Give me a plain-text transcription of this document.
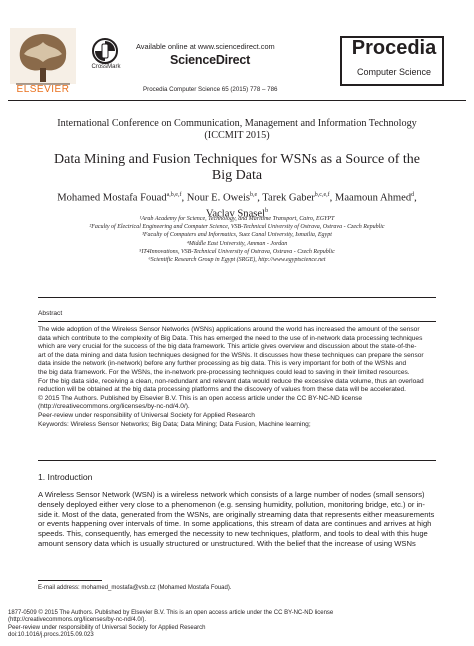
ELSEVIER
CrossMark
Available online at www.sciencedirect.com
ScienceDirect
Procedia Computer Science 65 (2015) 778 – 786
Procedia
Computer Science
International Conference on Communication, Management and Information Technology
(ICCMIT 2015)
Data Mining and Fusion Techniques for WSNs as a Source of the
Big Data
Mohamed Mostafa Fouad$^{a,b,e,f}$, Nour E. Oweis$^{b,e}$, Tarek Gaber$^{b,c,e,f}$, Maamoun Ahmed$^d$,
Vaclav Snasel$^b$
¹Arab Academy for Science, Technology, and Maritime Transport, Cairo, EGYPT
²Faculty of Electrical Engineering and Computer Science, VSB-Technical University of Ostrava, Ostrava - Czech Republic
³Faculty of Computers and Informatics, Suez Canal University, Ismailia, Egypt
⁴Middle East University, Amman - Jordan
⁵IT4Innovations, VSB-Technical University of Ostrava, Ostrava - Czech Republic
⁶Scientific Research Group in Egypt (SRGE), http://www.egyptscience.net
Abstract
The wide adoption of the Wireless Sensor Networks (WSNs) applications around the world has increased the amount of the sensor
data which contribute to the complexity of Big Data. This has emerged the need to the use of in-network data processing techniques
which are very crucial for the success of the big data framework. This article gives overview and discussion about the state-of-the-
art of the data mining and data fusion techniques designed for the WSNs. It discusses how these techniques can prepare the sensor
data inside the network (in-network) before any further processing as big data. This is very important for both of the WSNs and
the big data framework. For the WSNs, the in-network pre-processing techniques could lead to saving in their limited resources.
For the big data side, receiving a clean, non-redundant and relevant data would reduce the excessive data volume, thus an overload
reduction will be obtained at the big data processing platforms and the discovery of values from these data will be accelerated.
© 2015 The Authors. Published by Elsevier B.V. This is an open access article under the CC BY-NC-ND license
(http://creativecommons.org/licenses/by-nc-nd/4.0/).
Peer-review under responsibility of Universal Society for Applied Research
Keywords: Wireless Sensor Networks; Big Data; Data Mining; Data Fusion, Machine learning;
1. Introduction
A Wireless Sensor Network (WSN) is a wireless network which consists of a large number of nodes (small sensors)
densely deployed either very close to a phenomenon (e.g. sensing humidity, pollution, monitoring bridge, etc.) or in-
side it. Most of the data, generated from the WSNs, are originally streaming data that represents either measurements
or events happening over intervals of time. In some applications, this stream of data are continues and arrives at high
speeds. This, consequently, has emerged the necessity to new techniques, platform, and tools to deal with this huge
amount sensory data which is usually structured or unstructured. With the belief that the increase of using WSNs
E-mail address: mohamed_mostafa@vsb.cz (Mohamed Mostafa Fouad).
1877-0509 © 2015 The Authors. Published by Elsevier B.V. This is an open access article under the CC BY-NC-ND license
(http://creativecommons.org/licenses/by-nc-nd/4.0/).
Peer-review under responsibility of Universal Society for Applied Research
doi:10.1016/j.procs.2015.09.023
